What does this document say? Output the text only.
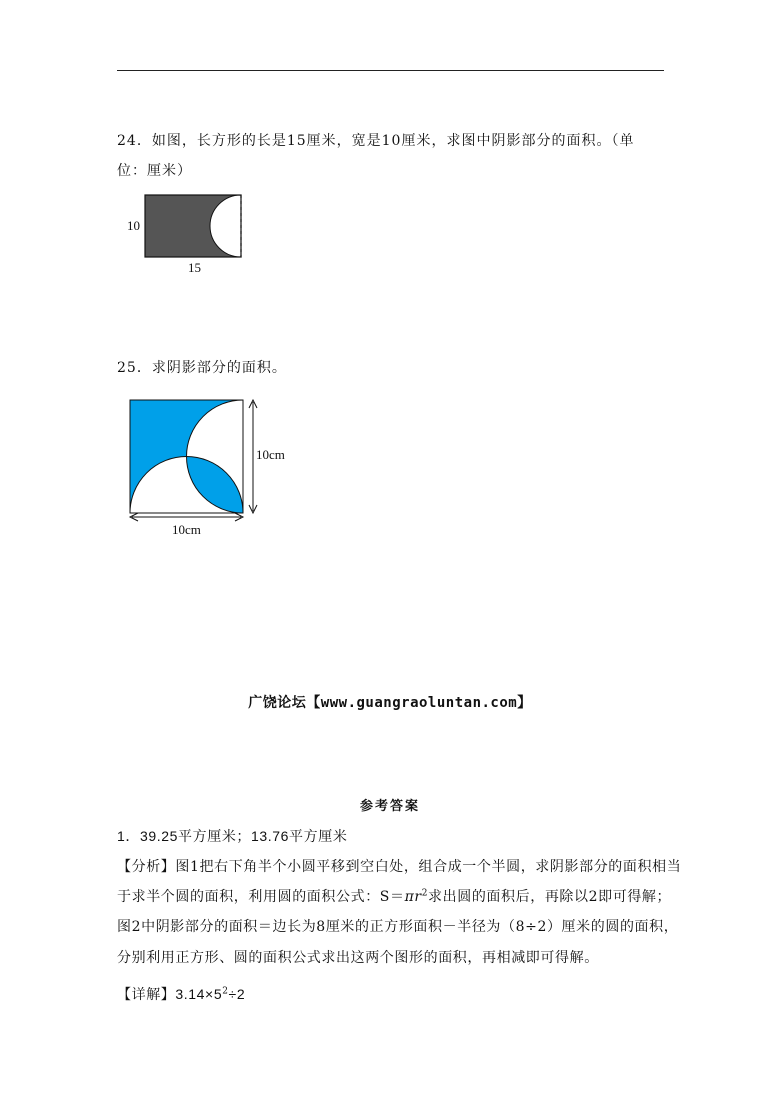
24．如图，长方形的长是15厘米，宽是10厘米，求图中阴影部分的面积。（单位：厘米）
10
15
25．求阴影部分的面积。
10cm
10cm
广饶论坛【www.guangraoluntan.com】
参考答案
1．39.25平方厘米；13.76平方厘米
【分析】图1把右下角半个小圆平移到空白处，组合成一个半圆，求阴影部分的面积相当
于求半个圆的面积，利用圆的面积公式：$S=\pi r^2$求出圆的面积后，再除以2即可得解；
图2中阴影部分的面积＝边长为8厘米的正方形面积－半径为（8÷2）厘米的圆的面积，
分别利用正方形、圆的面积公式求出这两个图形的面积，再相减即可得解。
【详解】$3.14\times 5^2\div 2$
